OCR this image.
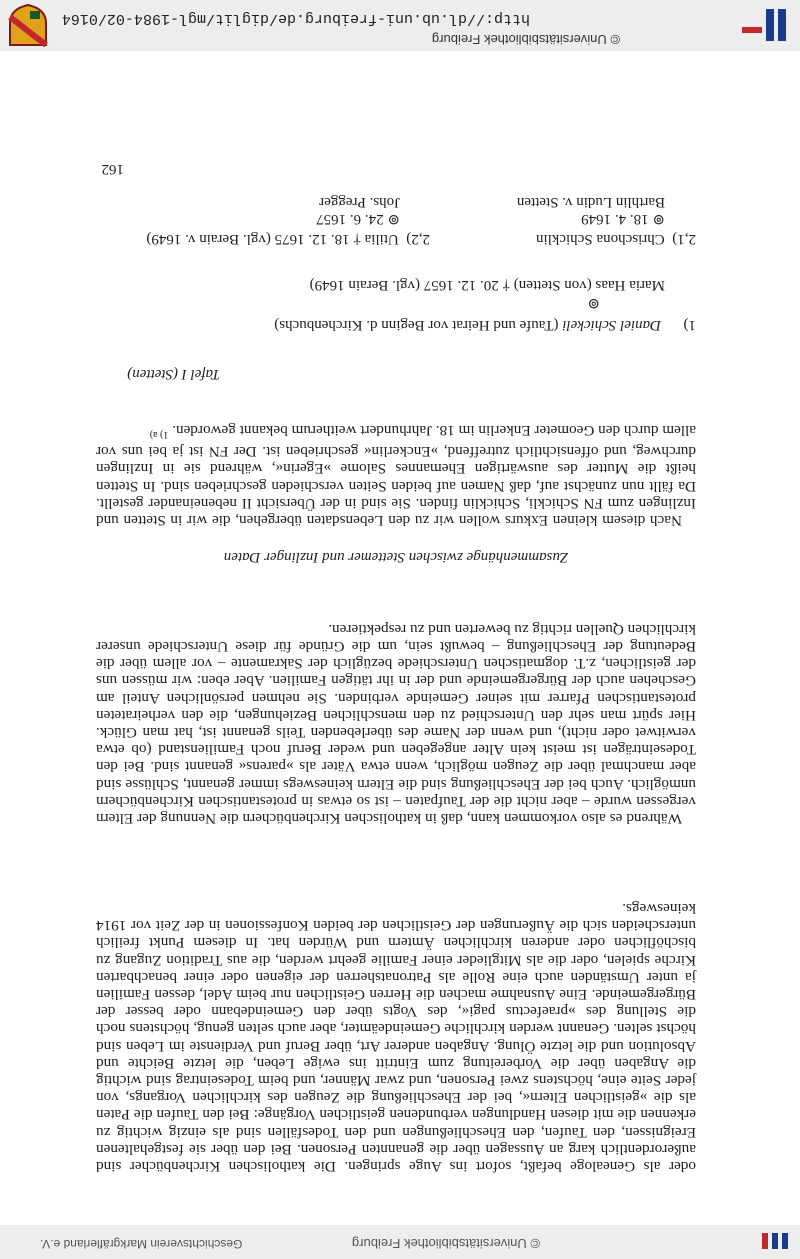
© Universitätsbibliothek Freiburg
Geschichtsverein Markgräflerland e.V.

oder als Genealoge befaßt, sofort ins Auge springen. Die katholischen Kirchenbücher sind außerordentlich karg an Aussagen über die genannten Personen. Bei den über sie festgehaltenen Ereignissen, den Taufen, den Eheschließungen und den Todesfällen sind als einzig wichtig zu erkennen die mit diesen Handlungen verbundenen geistlichen Vorgänge: Bei den Taufen die Paten als die »geistlichen Eltern«, bei der Eheschließung die Zeugen des kirchlichen Vorgangs, von jeder Seite eine, höchstens zwei Personen, und zwar Männer, und beim Todeseintrag sind wichtig die Angaben über die Vorbereitung zum Eintritt ins ewige Leben, die letzte Beichte und Absolution und die letzte Ölung. Angaben anderer Art, über Beruf und Verdienste im Leben sind höchst selten. Genannt werden kirchliche Gemeindeämter, aber auch selten genug, höchstens noch die Stellung des »praefectus pagi«, des Vogts über den Gemeindebann oder besser der Bürgergemeinde. Eine Ausnahme machen die Herren Geistlichen nur beim Adel, dessen Familien ja unter Umständen auch eine Rolle als Patronatsherren der eigenen oder einer benachbarten Kirche spielen, oder die als Mitglieder einer Familie geehrt werden, die aus Tradition Zugang zu bischöflichen oder anderen kirchlichen Ämtern und Würden hat. In diesem Punkt freilich unterscheiden sich die Äußerungen der Geistlichen der beiden Konfessionen in der Zeit vor 1914 keineswegs.

Während es also vorkommen kann, daß in katholischen Kirchenbüchern die Nennung der Eltern vergessen wurde – aber nicht die der Taufpaten – ist so etwas in protestantischen Kirchenbüchern unmöglich. Auch bei der Eheschließung sind die Eltern keineswegs immer genannt, Schlüsse sind aber manchmal über die Zeugen möglich, wenn etwa Väter als »parens« genannt sind. Bei den Todeseinträgen ist meist kein Alter angegeben und weder Beruf noch Familienstand (ob etwa verwitwet oder nicht), und wenn der Name des überlebenden Teils genannt ist, hat man Glück. Hier spürt man sehr den Unterschied zu den menschlichen Beziehungen, die den verheirateten protestantischen Pfarrer mit seiner Gemeinde verbinden. Sie nehmen persönlichen Anteil am Geschehen auch der Bürgergemeinde und der in ihr tätigen Familien. Aber eben: wir müssen uns der geistlichen, z.T. dogmatischen Unterschiede bezüglich der Sakramente – vor allem über die Bedeutung der Eheschließung – bewußt sein, um die Gründe für diese Unterschiede unserer kirchlichen Quellen richtig zu bewerten und zu respektieren.

Zusammenhänge zwischen Stettemer und Inzlinger Daten

Nach diesem kleinen Exkurs wollen wir zu den Lebensdaten übergehen, die wir in Stetten und Inzlingen zum FN Schickli, Schicklin finden. Sie sind in der Übersicht II nebeneinander gestellt. Da fällt nun zunächst auf, daß Namen auf beiden Seiten verschieden geschrieben sind. In Stetten heißt die Mutter des auswärtigen Ehemannes Salome »Egerin«, während sie in Inzlingen durchweg, und offensichtlich zutreffend, »Enckerlin« geschrieben ist. Der FN ist ja bei uns vor allem durch den Geometer Enkerlin im 18. Jahrhundert weitherum bekannt geworden. $^{1) a)}$

Tafel I (Stetten)
1)      Daniel Schickeli (Taufe und Heirat vor Beginn d. Kirchenbuchs)
⊚
Maria Haas (von Stetten) † 20. 12. 1657 (vgl. Berain 1649)
2,1)  Chrischona Schicklin
2,2)  Utilia † 18. 12. 1675 (vgl. Berain v. 1649)
⊚ 18. 4. 1649
⊚ 24. 6. 1657
Barthlin Ludin v. Stetten
Johs. Pregger
162
© Universitätsbibliothek Freiburg
http://dl.ub.uni-freiburg.de/diglit/mgl-1984-02/0164
